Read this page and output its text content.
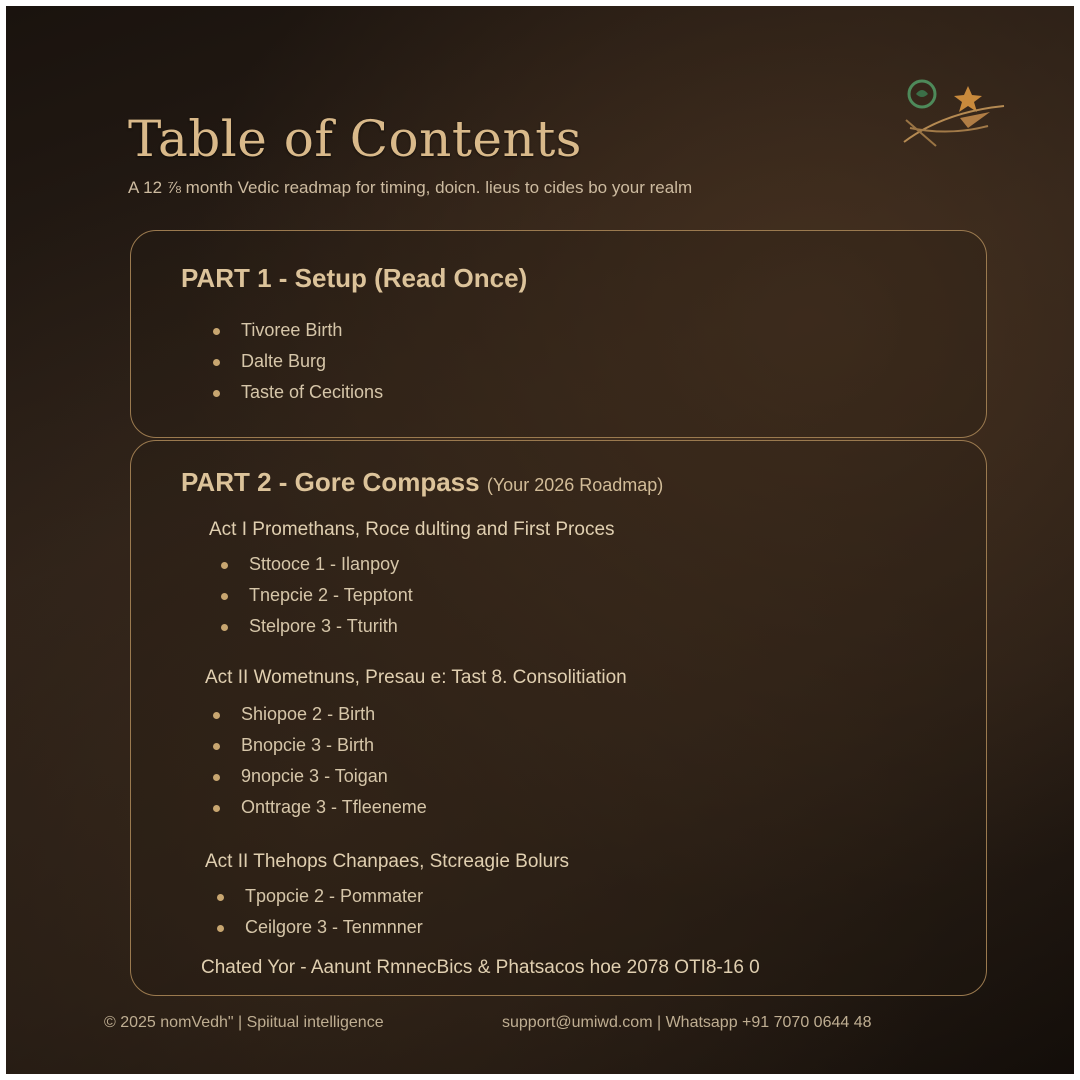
Table of Contents

A 12 ⅞ month Vedic readmap for timing, doicn. lieus to cides bo your realm

PART 1 - Setup (Read Once)
Tivoree Birth
Dalte Burg
Taste of Cecitions
PART 2 - Gore Compass (Your 2026 Roadmap)
Act I Promethans, Roce dulting and First Proces
Sttooce 1 - Ilanpoy
Tnepcie 2 - Tepptont
Stelpore 3 - Tturith
Act II Wometnuns, Presau e: Tast 8. Consolitiation
Shiopoe 2 - Birth
Bnopcie 3 - Birth
9nopcie 3 - Toigan
Onttrage 3 - Tfleeneme
Act II Thehops Chanpaes, Stcreagie Bolurs
Tpopcie 2 - Pommater
Ceilgore 3 - Tenmnner

Chated Yor - Aanunt RmnecBics & Phatsacos hoe 2078 OTI8-16 0

© 2025 nomVedh" | Spiitual intelligence	support@umiwd.com | Whatsapp +91 7070 0644 48
